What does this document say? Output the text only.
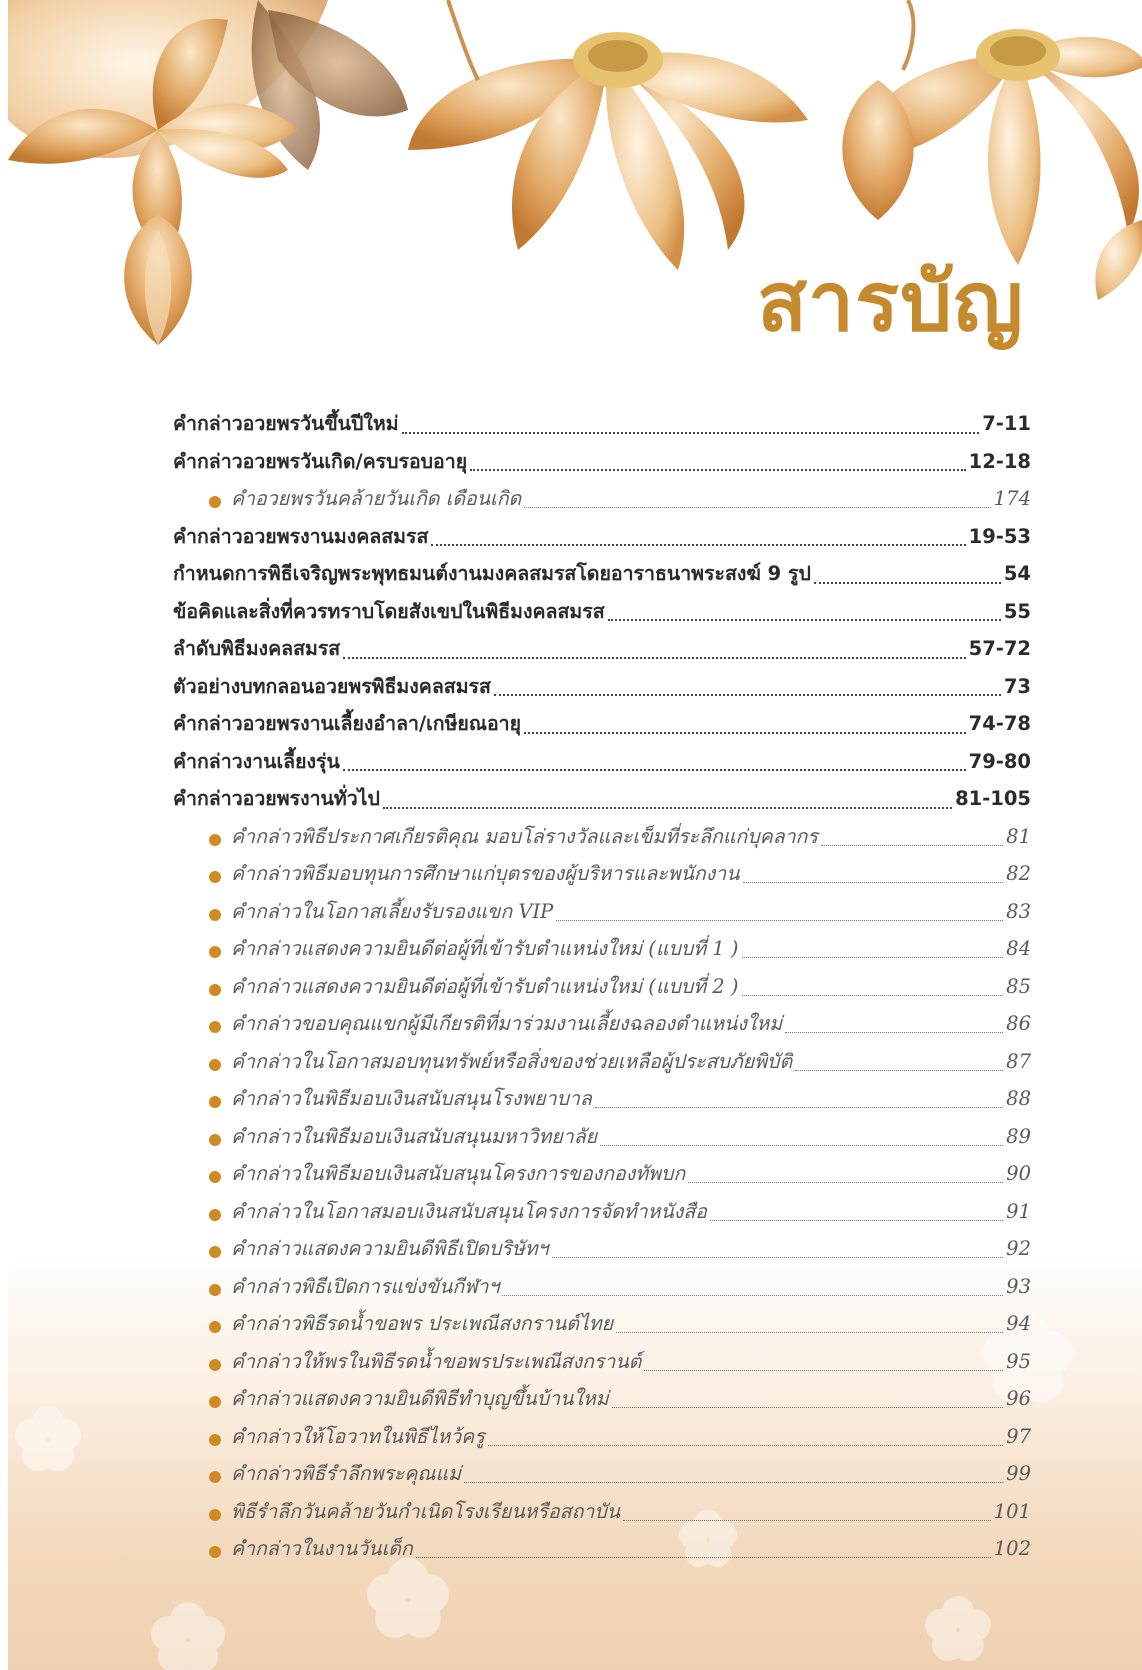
สารบัญ
คำกล่าวอวยพรวันขึ้นปีใหม่	7-11
คำกล่าวอวยพรวันเกิด/ครบรอบอายุ	12-18
คำอวยพรวันคล้ายวันเกิด เดือนเกิด	174
คำกล่าวอวยพรงานมงคลสมรส	19-53
กำหนดการพิธีเจริญพระพุทธมนต์งานมงคลสมรสโดยอาราธนาพระสงฆ์ 9 รูป	54
ข้อคิดและสิ่งที่ควรทราบโดยสังเขปในพิธีมงคลสมรส	55
ลำดับพิธีมงคลสมรส	57-72
ตัวอย่างบทกลอนอวยพรพิธีมงคลสมรส	73
คำกล่าวอวยพรงานเลี้ยงอำลา/เกษียณอายุ	74-78
คำกล่าวงานเลี้ยงรุ่น	79-80
คำกล่าวอวยพรงานทั่วไป	81-105
คำกล่าวพิธีประกาศเกียรติคุณ มอบโล่รางวัลและเข็มที่ระลึกแก่บุคลากร	81
คำกล่าวพิธีมอบทุนการศึกษาแก่บุตรของผู้บริหารและพนักงาน	82
คำกล่าวในโอกาสเลี้ยงรับรองแขก VIP	83
คำกล่าวแสดงความยินดีต่อผู้ที่เข้ารับตำแหน่งใหม่ (แบบที่ 1 )	84
คำกล่าวแสดงความยินดีต่อผู้ที่เข้ารับตำแหน่งใหม่ (แบบที่ 2 )	85
คำกล่าวขอบคุณแขกผู้มีเกียรติที่มาร่วมงานเลี้ยงฉลองตำแหน่งใหม่	86
คำกล่าวในโอกาสมอบทุนทรัพย์หรือสิ่งของช่วยเหลือผู้ประสบภัยพิบัติ	87
คำกล่าวในพิธีมอบเงินสนับสนุนโรงพยาบาล	88
คำกล่าวในพิธีมอบเงินสนับสนุนมหาวิทยาลัย	89
คำกล่าวในพิธีมอบเงินสนับสนุนโครงการของกองทัพบก	90
คำกล่าวในโอกาสมอบเงินสนับสนุนโครงการจัดทำหนังสือ	91
คำกล่าวแสดงความยินดีพิธีเปิดบริษัทฯ	92
คำกล่าวพิธีเปิดการแข่งขันกีฬาฯ	93
คำกล่าวพิธีรดน้ำขอพร ประเพณีสงกรานต์ไทย	94
คำกล่าวให้พรในพิธีรดน้ำขอพรประเพณีสงกรานต์	95
คำกล่าวแสดงความยินดีพิธีทำบุญขึ้นบ้านใหม่	96
คำกล่าวให้โอวาทในพิธีไหว้ครู	97
คำกล่าวพิธีรำลึกพระคุณแม่	99
พิธีรำลึกวันคล้ายวันกำเนิดโรงเรียนหรือสถาบัน	101
คำกล่าวในงานวันเด็ก	102
